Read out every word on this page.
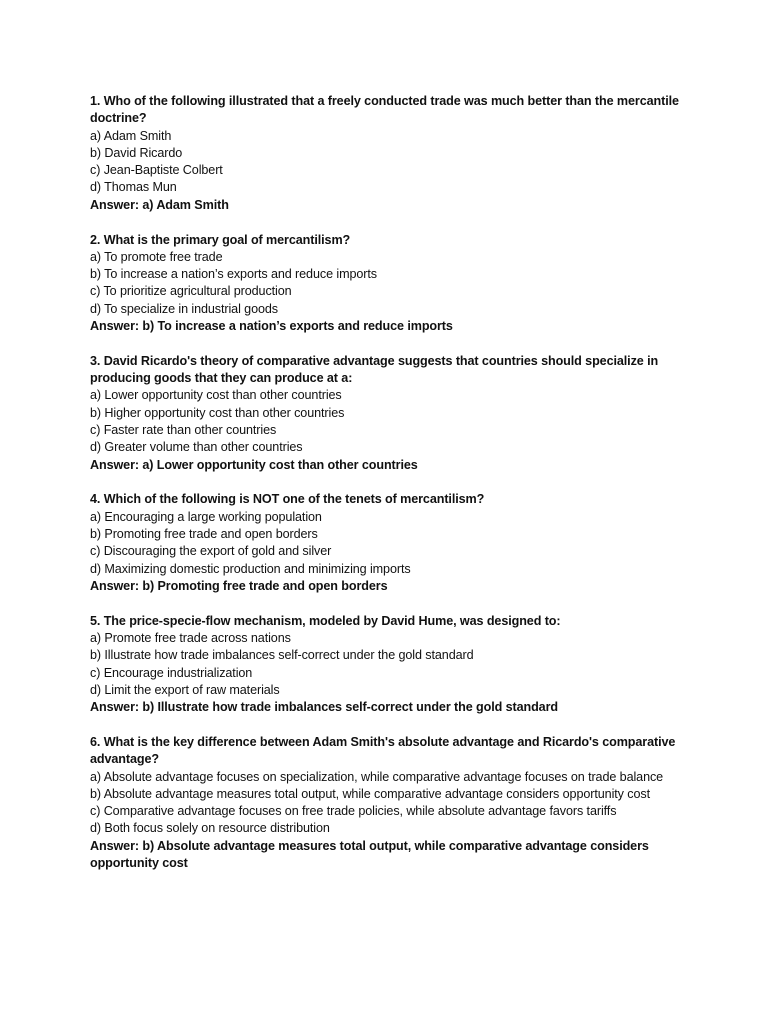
1. Who of the following illustrated that a freely conducted trade was much better than the mercantile doctrine?
a) Adam Smith
b) David Ricardo
c) Jean-Baptiste Colbert
d) Thomas Mun
Answer: a) Adam Smith
2. What is the primary goal of mercantilism?
a) To promote free trade
b) To increase a nation’s exports and reduce imports
c) To prioritize agricultural production
d) To specialize in industrial goods
Answer: b) To increase a nation’s exports and reduce imports
3. David Ricardo's theory of comparative advantage suggests that countries should specialize in producing goods that they can produce at a:
a) Lower opportunity cost than other countries
b) Higher opportunity cost than other countries
c) Faster rate than other countries
d) Greater volume than other countries
Answer: a) Lower opportunity cost than other countries
4. Which of the following is NOT one of the tenets of mercantilism?
a) Encouraging a large working population
b) Promoting free trade and open borders
c) Discouraging the export of gold and silver
d) Maximizing domestic production and minimizing imports
Answer: b) Promoting free trade and open borders
5. The price-specie-flow mechanism, modeled by David Hume, was designed to:
a) Promote free trade across nations
b) Illustrate how trade imbalances self-correct under the gold standard
c) Encourage industrialization
d) Limit the export of raw materials
Answer: b) Illustrate how trade imbalances self-correct under the gold standard
6. What is the key difference between Adam Smith's absolute advantage and Ricardo's comparative advantage?
a) Absolute advantage focuses on specialization, while comparative advantage focuses on trade balance
b) Absolute advantage measures total output, while comparative advantage considers opportunity cost
c) Comparative advantage focuses on free trade policies, while absolute advantage favors tariffs
d) Both focus solely on resource distribution
Answer: b) Absolute advantage measures total output, while comparative advantage considers opportunity cost
